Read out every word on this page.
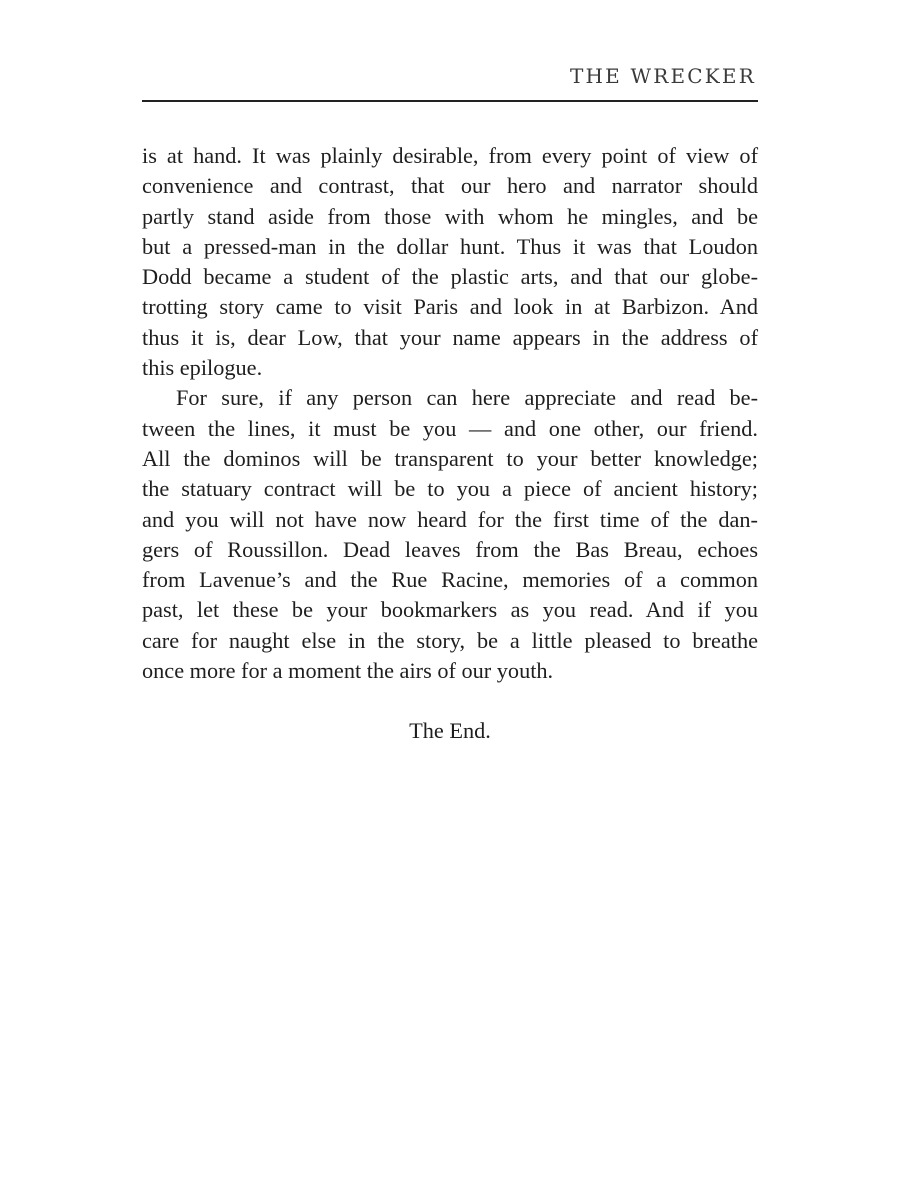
THE WRECKER
is at hand. It was plainly desirable, from every point of view of
convenience and contrast, that our hero and narrator should
partly stand aside from those with whom he mingles, and be
but a pressed-man in the dollar hunt. Thus it was that Loudon
Dodd became a student of the plastic arts, and that our globe-
trotting story came to visit Paris and look in at Barbizon. And
thus it is, dear Low, that your name appears in the address of
this epilogue.
For sure, if any person can here appreciate and read be-
tween the lines, it must be you — and one other, our friend.
All the dominos will be transparent to your better knowledge;
the statuary contract will be to you a piece of ancient history;
and you will not have now heard for the first time of the dan-
gers of Roussillon. Dead leaves from the Bas Breau, echoes
from Lavenue’s and the Rue Racine, memories of a common
past, let these be your bookmarkers as you read. And if you
care for naught else in the story, be a little pleased to breathe
once more for a moment the airs of our youth.
The End.
